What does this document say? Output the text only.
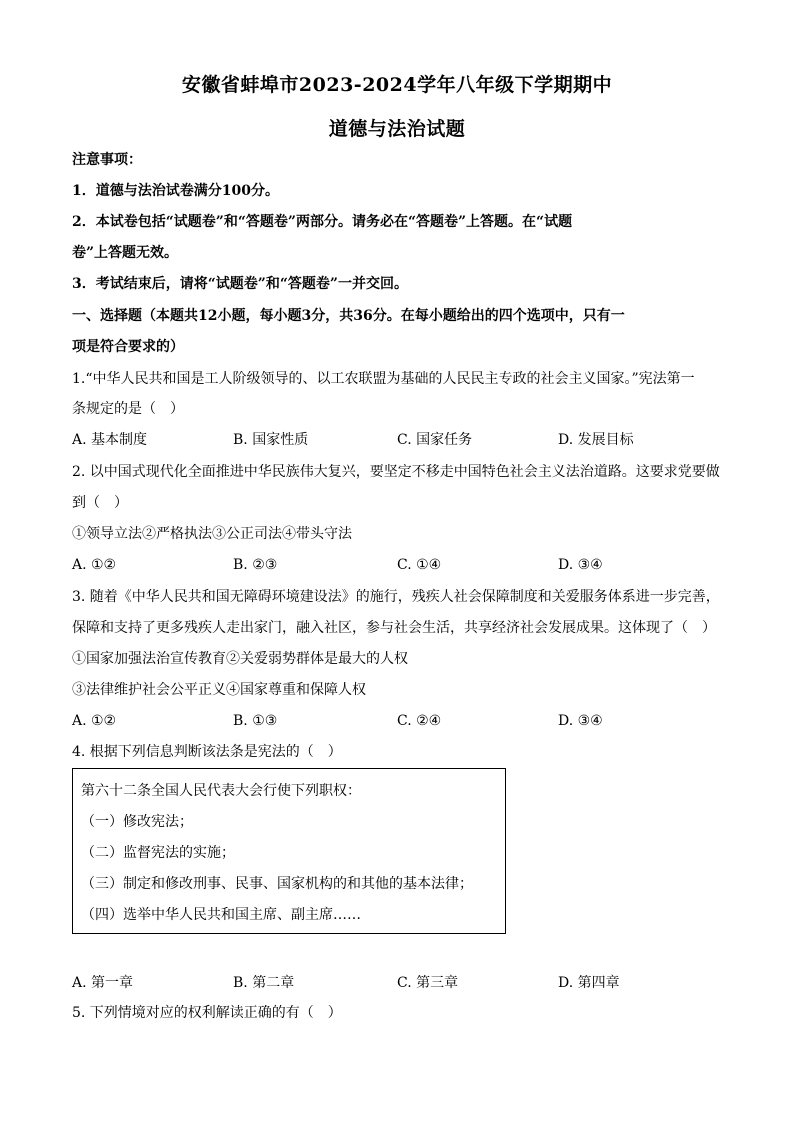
安徽省蚌埠市2023-2024学年八年级下学期期中
道德与法治试题
注意事项：
1．道德与法治试卷满分100分。
2．本试卷包括“试题卷”和“答题卷”两部分。请务必在“答题卷”上答题。在“试题
卷”上答题无效。
3．考试结束后，请将“试题卷”和“答题卷”一并交回。
一、选择题（本题共12小题，每小题3分，共36分。在每小题给出的四个选项中，只有一
项是符合要求的）
1.“中华人民共和国是工人阶级领导的、以工农联盟为基础的人民民主专政的社会主义国家。”宪法第一
条规定的是（　）
A. 基本制度	B. 国家性质	C. 国家任务	D. 发展目标
2. 以中国式现代化全面推进中华民族伟大复兴，要坚定不移走中国特色社会主义法治道路。这要求党要做
到（　）
①领导立法②严格执法③公正司法④带头守法
A. ①②	B. ②③	C. ①④	D. ③④
3. 随着《中华人民共和国无障碍环境建设法》的施行，残疾人社会保障制度和关爱服务体系进一步完善，
保障和支持了更多残疾人走出家门，融入社区，参与社会生活，共享经济社会发展成果。这体现了（　）
①国家加强法治宣传教育②关爱弱势群体是最大的人权
③法律维护社会公平正义④国家尊重和保障人权
A. ①②	B. ①③	C. ②④	D. ③④
4. 根据下列信息判断该法条是宪法的（　）
第六十二条全国人民代表大会行使下列职权：
（一）修改宪法；
（二）监督宪法的实施；
（三）制定和修改刑事、民事、国家机构的和其他的基本法律；
（四）选举中华人民共和国主席、副主席……
A. 第一章	B. 第二章	C. 第三章	D. 第四章
5. 下列情境对应的权利解读正确的有（　）
